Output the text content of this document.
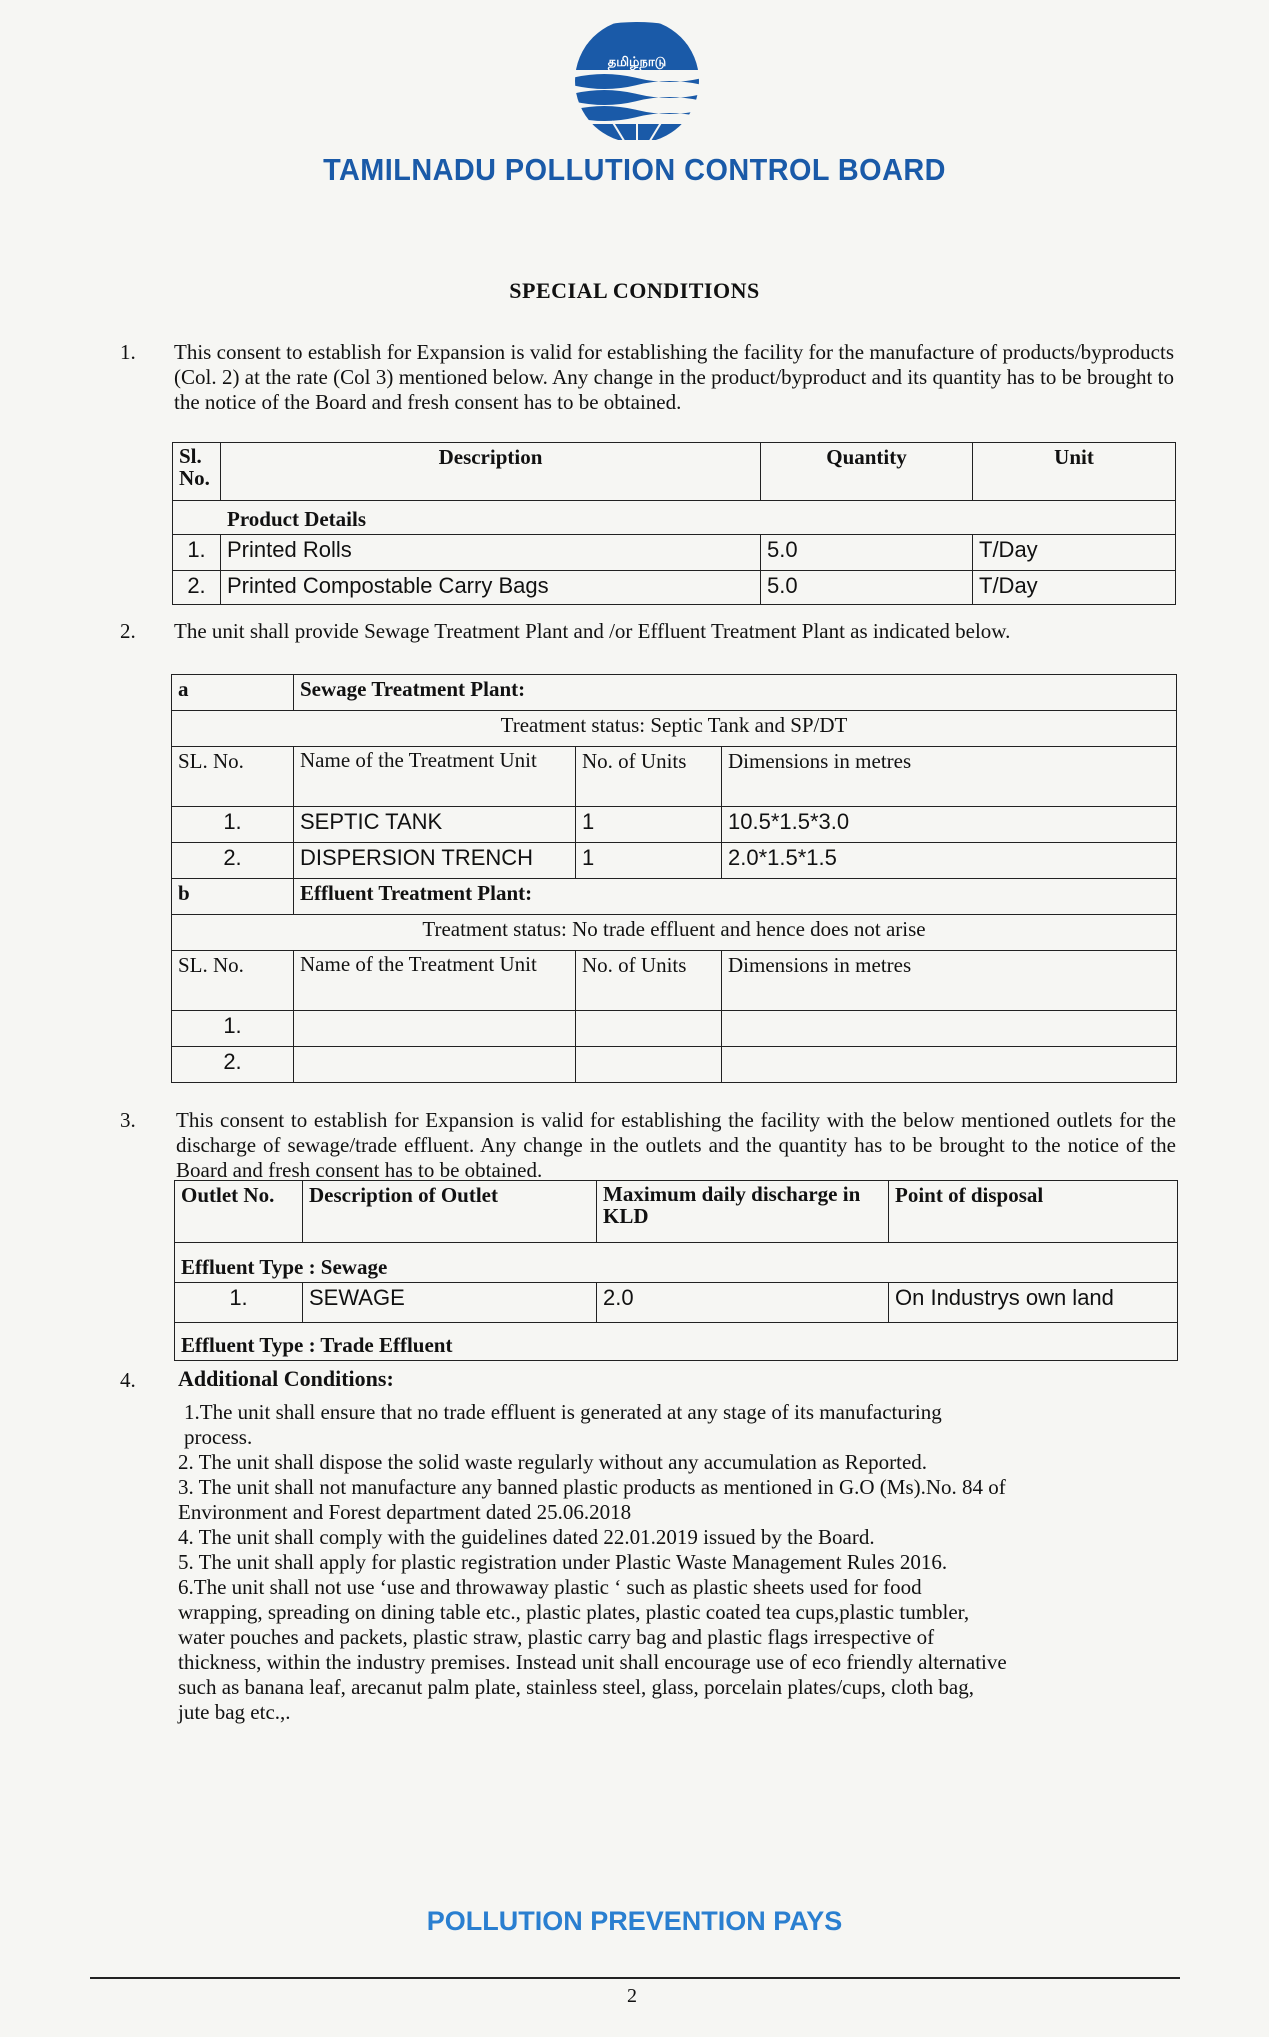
தமிழ்நாடு
TAMILNADU POLLUTION CONTROL BOARD
SPECIAL CONDITIONS
1. This consent to establish for Expansion is valid for establishing the facility for the manufacture of products/byproducts (Col. 2) at the rate (Col 3) mentioned below. Any change in the product/byproduct and its quantity has to be brought to the notice of the Board and fresh consent has to be obtained.
Sl. No.	Description	Quantity	Unit
Product Details			
1.	Printed Rolls	5.0	T/Day
2.	Printed Compostable Carry Bags	5.0	T/Day
2. The unit shall provide Sewage Treatment Plant and /or Effluent Treatment Plant as indicated below.
a	Sewage Treatment Plant:		
Treatment status: Septic Tank and SP/DT			
SL. No.	Name of the Treatment Unit	No. of Units	Dimensions in metres
1.	SEPTIC TANK	1	10.5*1.5*3.0
2.	DISPERSION TRENCH	1	2.0*1.5*1.5
b	Effluent Treatment Plant:		
Treatment status: No trade effluent and hence does not arise			
SL. No.	Name of the Treatment Unit	No. of Units	Dimensions in metres
1.			
2.			
3. This consent to establish for Expansion is valid for establishing the facility with the below mentioned outlets for the discharge of sewage/trade effluent. Any change in the outlets and the quantity has to be brought to the notice of the Board and fresh consent has to be obtained.
Outlet No.	Description of Outlet	Maximum daily discharge in KLD	Point of disposal
Effluent Type : Sewage			
1.	SEWAGE	2.0	On Industrys own land
Effluent Type : Trade Effluent			
4. Additional Conditions:
1.The unit shall ensure that no trade effluent is generated at any stage of its manufacturing process.
2. The unit shall dispose the solid waste regularly without any accumulation as Reported.
3. The unit shall not manufacture any banned plastic products as mentioned in G.O (Ms).No. 84 of Environment and Forest department dated 25.06.2018
4. The unit shall comply with the guidelines dated 22.01.2019 issued by the Board.
5. The unit shall apply for plastic registration under Plastic Waste Management Rules 2016.
6.The unit shall not use ‘use and throwaway plastic ‘ such as plastic sheets used for food wrapping, spreading on dining table etc., plastic plates, plastic coated tea cups,plastic tumbler, water pouches and packets, plastic straw, plastic carry bag and plastic flags irrespective of thickness, within the industry premises. Instead unit shall encourage use of eco friendly alternative such as banana leaf, arecanut palm plate, stainless steel, glass, porcelain plates/cups, cloth bag, jute bag etc.,.
POLLUTION PREVENTION PAYS
2
